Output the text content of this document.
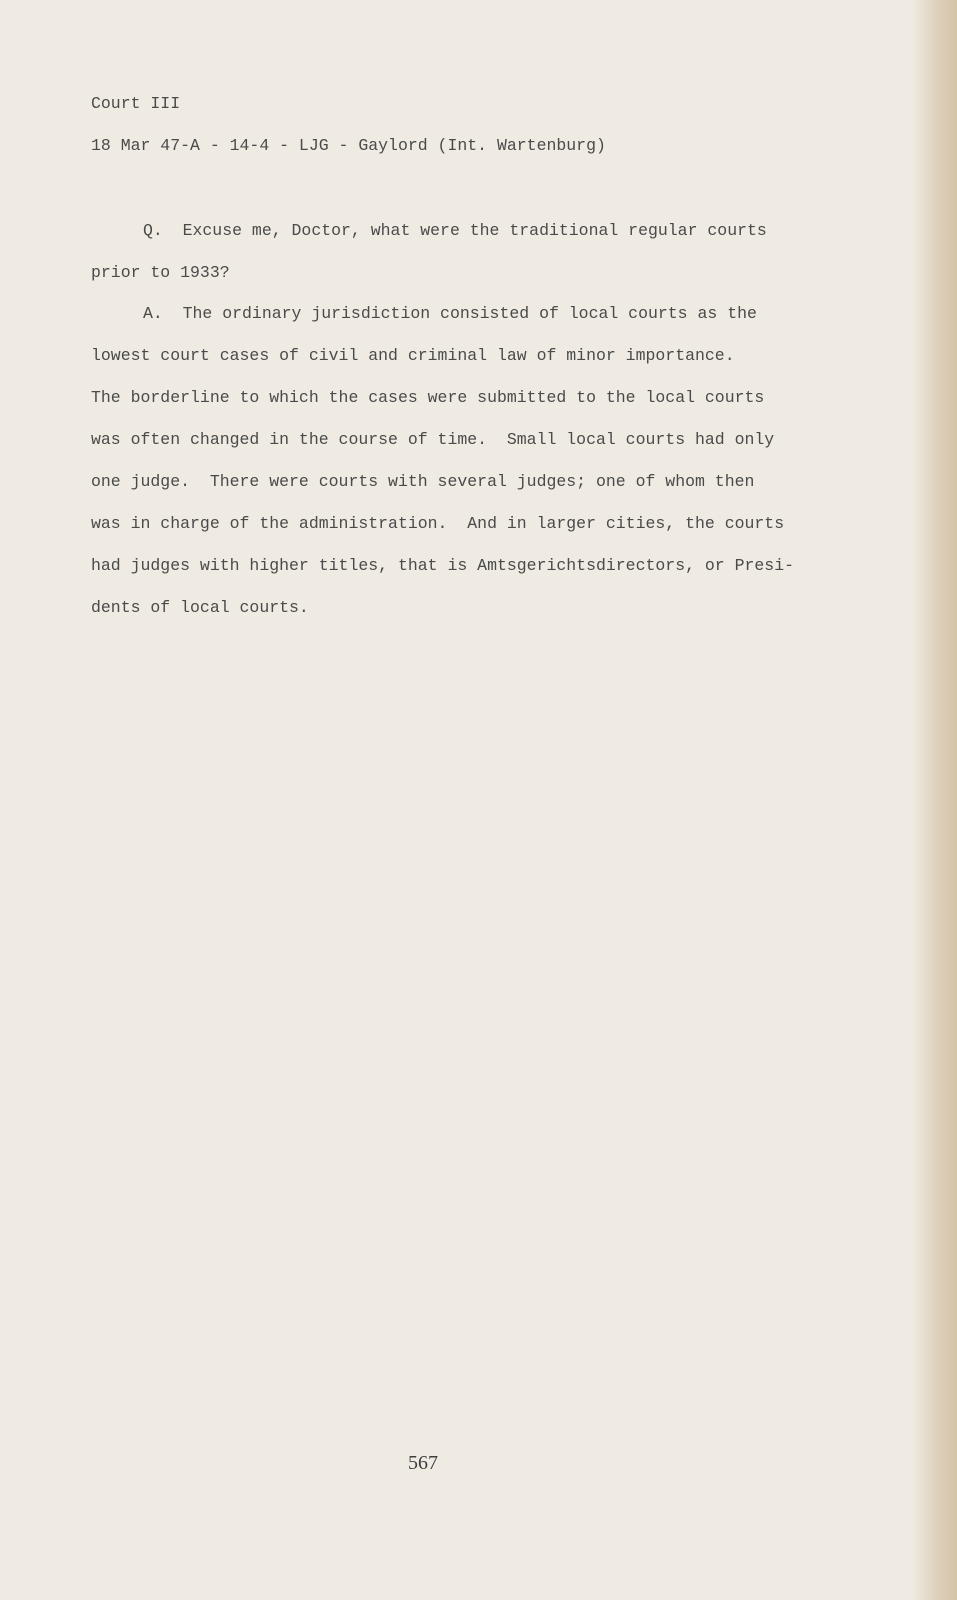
Court III
18 Mar 47-A - 14-4 - LJG - Gaylord (Int. Wartenburg)
Q.  Excuse me, Doctor, what were the traditional regular courts
prior to 1933?
A.  The ordinary jurisdiction consisted of local courts as the
lowest court cases of civil and criminal law of minor importance.
The borderline to which the cases were submitted to the local courts
was often changed in the course of time.  Small local courts had only
one judge.  There were courts with several judges; one of whom then
was in charge of the administration.  And in larger cities, the courts
had judges with higher titles, that is Amtsgerichtsdirectors, or Presi-
dents of local courts.
567
